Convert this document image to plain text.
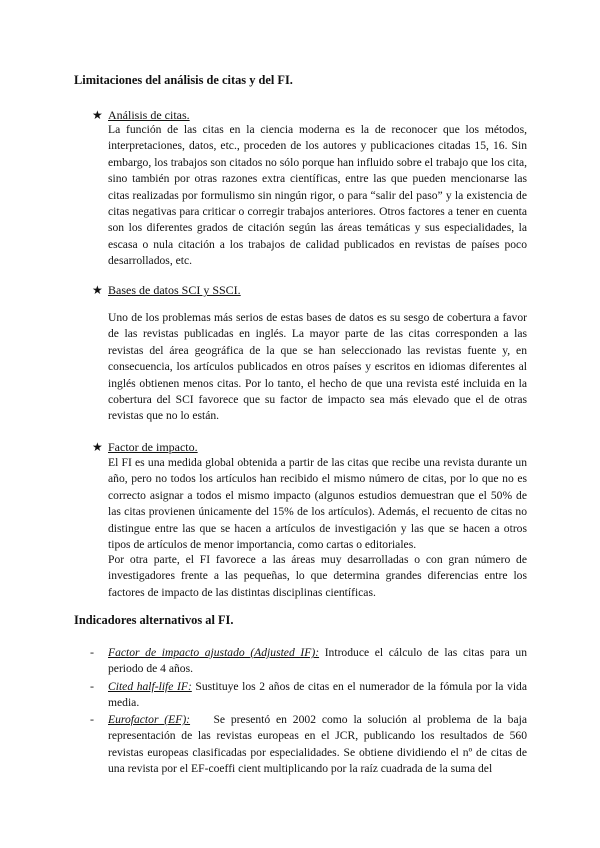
Limitaciones del análisis de citas y del FI.
★ Análisis de citas.
La función de las citas en la ciencia moderna es la de reconocer que los métodos, interpretaciones, datos, etc., proceden de los autores y publicaciones citadas 15, 16. Sin embargo, los trabajos son citados no sólo porque han influido sobre el trabajo que los cita, sino también por otras razones extra científicas, entre las que pueden mencionarse las citas realizadas por formulismo sin ningún rigor, o para “salir del paso” y la existencia de citas negativas para criticar o corregir trabajos anteriores. Otros factores a tener en cuenta son los diferentes grados de citación según las áreas temáticas y sus especialidades, la escasa o nula citación a los trabajos de calidad publicados en revistas de países poco desarrollados, etc.
★ Bases de datos SCI y SSCI.
Uno de los problemas más serios de estas bases de datos es su sesgo de cobertura a favor de las revistas publicadas en inglés. La mayor parte de las citas corresponden a las revistas del área geográfica de la que se han seleccionado las revistas fuente y, en consecuencia, los artículos publicados en otros países y escritos en idiomas diferentes al inglés obtienen menos citas. Por lo tanto, el hecho de que una revista esté incluida en la cobertura del SCI favorece que su factor de impacto sea más elevado que el de otras revistas que no lo están.
★ Factor de impacto.
El FI es una medida global obtenida a partir de las citas que recibe una revista durante un año, pero no todos los artículos han recibido el mismo número de citas, por lo que no es correcto asignar a todos el mismo impacto (algunos estudios demuestran que el 50% de las citas provienen únicamente del 15% de los artículos). Además, el recuento de citas no distingue entre las que se hacen a artículos de investigación y las que se hacen a otros tipos de artículos de menor importancia, como cartas o editoriales.
Por otra parte, el FI favorece a las áreas muy desarrolladas o con gran número de investigadores frente a las pequeñas, lo que determina grandes diferencias entre los factores de impacto de las distintas disciplinas científicas.
Indicadores alternativos al FI.
- Factor de impacto ajustado (Adjusted IF): Introduce el cálculo de las citas para un periodo de 4 años.
- Cited half-life IF: Sustituye los 2 años de citas en el numerador de la fómula por la vida media.
- Eurofactor (EF):    Se presentó en 2002 como la solución al problema de la baja representación de las revistas europeas en el JCR, publicando los resultados de 560 revistas europeas clasificadas por especialidades. Se obtiene dividiendo el nº de citas de una revista por el EF-coeffi cient multiplicando por la raíz cuadrada de la suma del
